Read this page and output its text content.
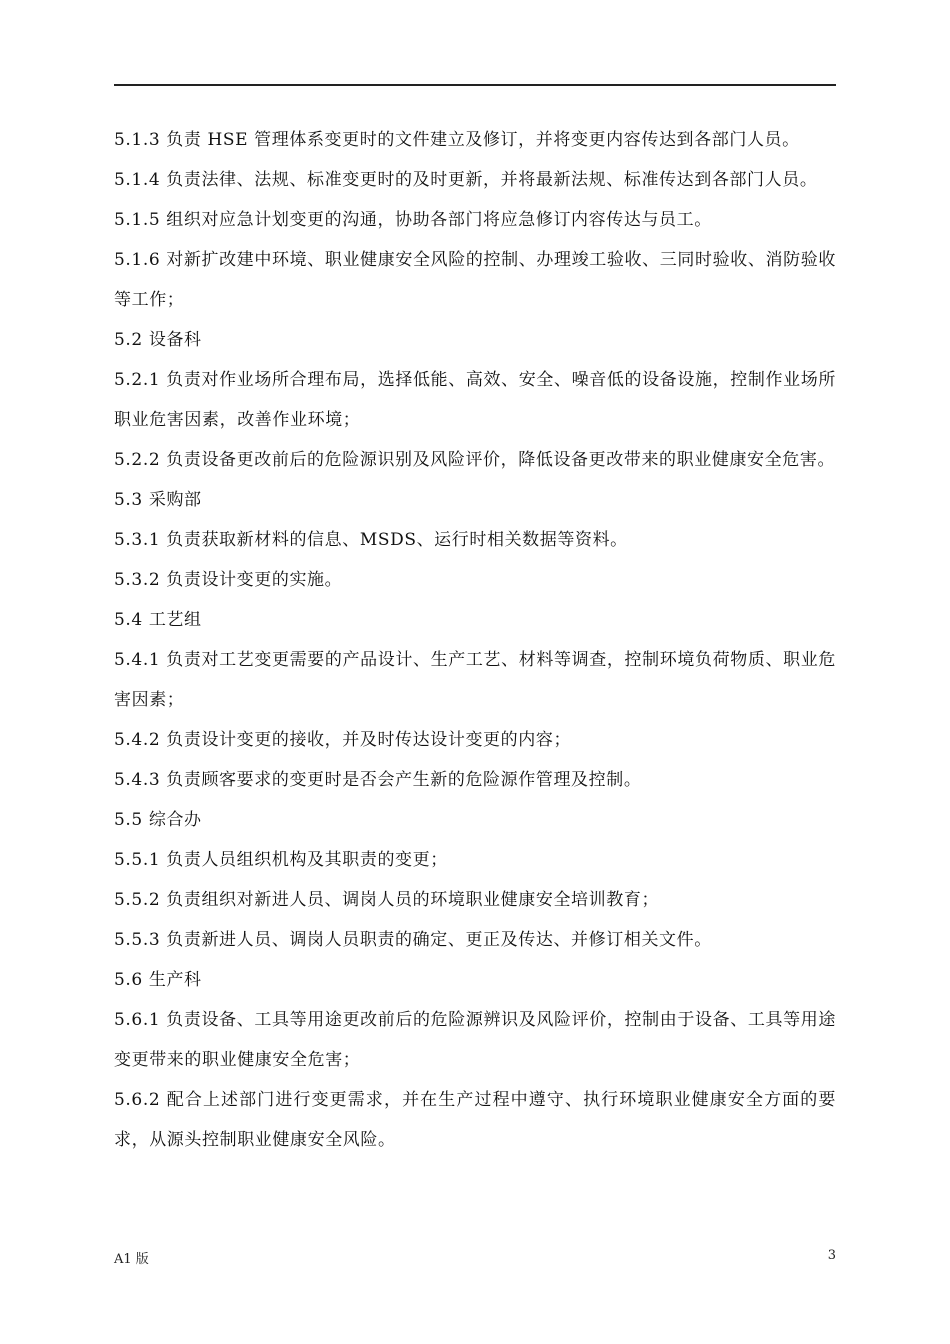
5.1.3 负责 HSE 管理体系变更时的文件建立及修订，并将变更内容传达到各部门人员。

5.1.4 负责法律、法规、标准变更时的及时更新，并将最新法规、标准传达到各部门人员。

5.1.5 组织对应急计划变更的沟通，协助各部门将应急修订内容传达与员工。

5.1.6 对新扩改建中环境、职业健康安全风险的控制、办理竣工验收、三同时验收、消防验收等工作；

5.2 设备科

5.2.1 负责对作业场所合理布局，选择低能、高效、安全、噪音低的设备设施，控制作业场所职业危害因素，改善作业环境；

5.2.2 负责设备更改前后的危险源识别及风险评价，降低设备更改带来的职业健康安全危害。

5.3 采购部

5.3.1 负责获取新材料的信息、MSDS、运行时相关数据等资料。

5.3.2 负责设计变更的实施。

5.4 工艺组

5.4.1 负责对工艺变更需要的产品设计、生产工艺、材料等调查，控制环境负荷物质、职业危害因素；

5.4.2 负责设计变更的接收，并及时传达设计变更的内容；

5.4.3 负责顾客要求的变更时是否会产生新的危险源作管理及控制。

5.5 综合办

5.5.1 负责人员组织机构及其职责的变更；

5.5.2 负责组织对新进人员、调岗人员的环境职业健康安全培训教育；

5.5.3 负责新进人员、调岗人员职责的确定、更正及传达、并修订相关文件。

5.6 生产科

5.6.1 负责设备、工具等用途更改前后的危险源辨识及风险评价，控制由于设备、工具等用途变更带来的职业健康安全危害；

5.6.2 配合上述部门进行变更需求，并在生产过程中遵守、执行环境职业健康安全方面的要求，从源头控制职业健康安全风险。

A1 版	3
